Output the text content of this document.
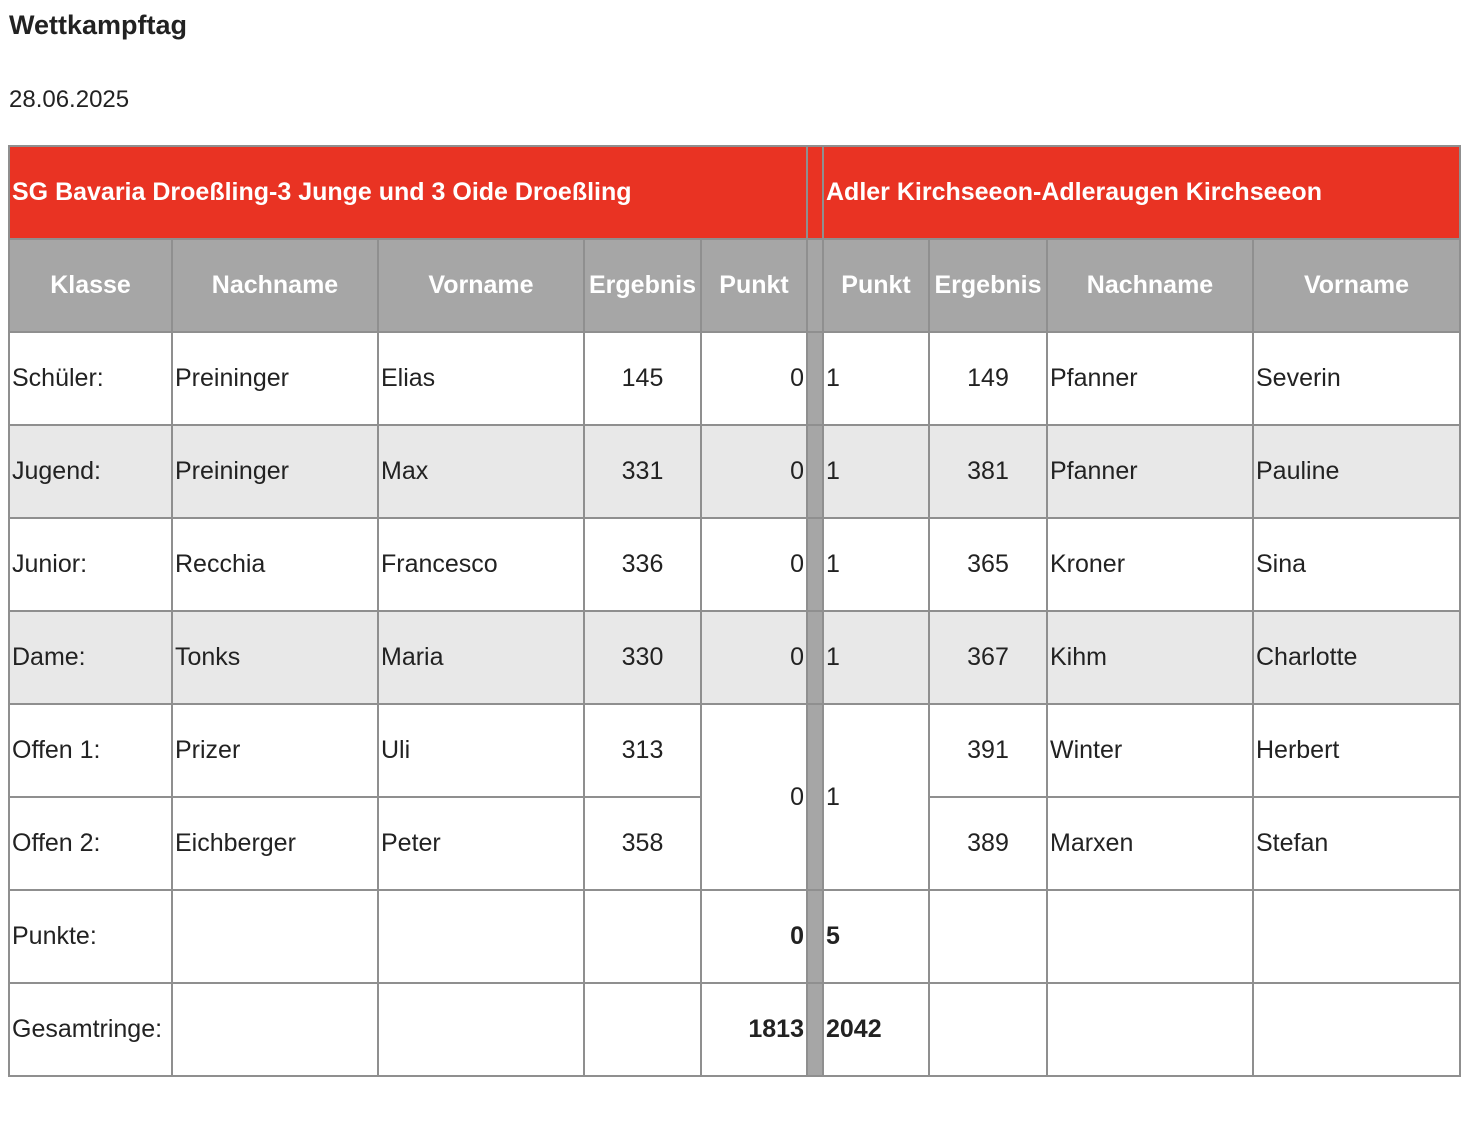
Wettkampftag
28.06.2025
SG Bavaria Droeßling-3 Junge und 3 Oide Droeßling						Adler Kirchseeon-Adleraugen Kirchseeon			
Klasse	Nachname	Vorname	Ergebnis	Punkt		Punkt	Ergebnis	Nachname	Vorname
Schüler:	Preininger	Elias	145	0		1	149	Pfanner	Severin
Jugend:	Preininger	Max	331	0		1	381	Pfanner	Pauline
Junior:	Recchia	Francesco	336	0		1	365	Kroner	Sina
Dame:	Tonks	Maria	330	0		1	367	Kihm	Charlotte
Offen 1:	Prizer	Uli	313	0		1	391	Winter	Herbert
Offen 2:	Eichberger	Peter	358				389	Marxen	Stefan
Punkte:				0		5			
Gesamtringe:				1813		2042			
